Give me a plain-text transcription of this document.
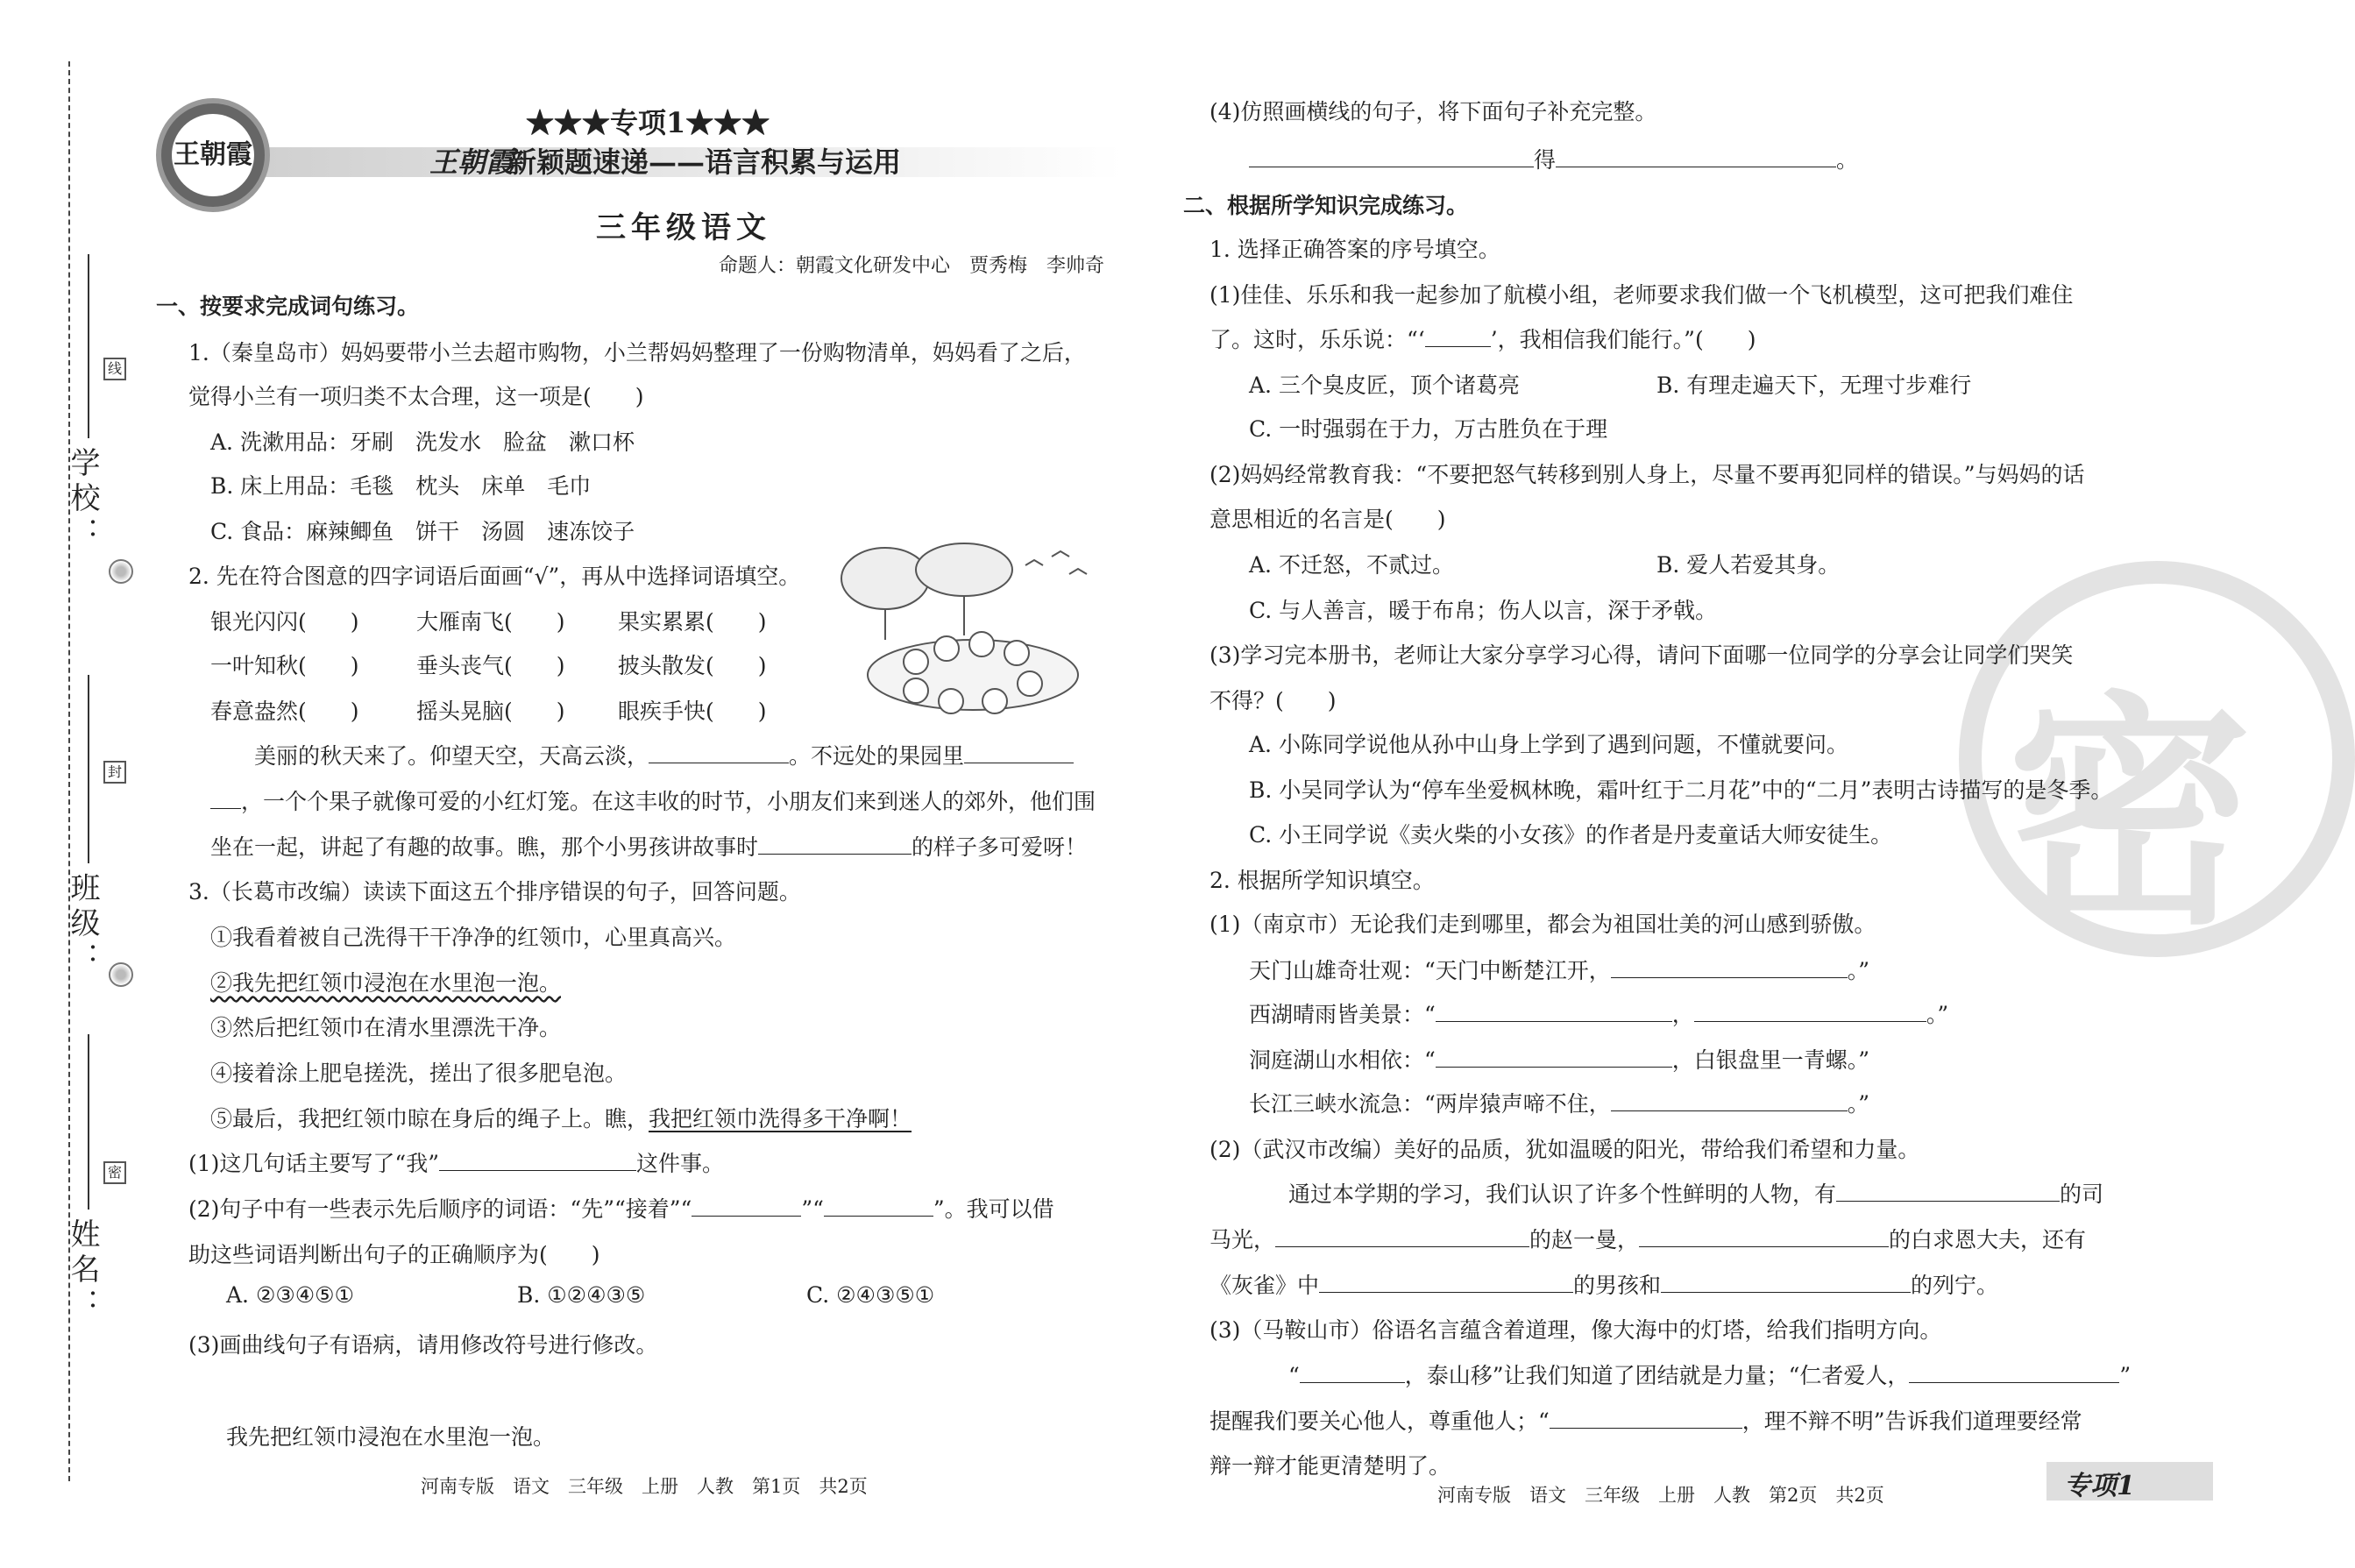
学校：
班级：
姓名：
线
封
密
王朝霞
★★★专项1★★★
王朝霞
新颖题速递——语言积累与运用
三年级语文
命题人：朝霞文化研发中心　贾秀梅　李帅奇
一、按要求完成词句练习。
1.（秦皇岛市）妈妈要带小兰去超市购物，小兰帮妈妈整理了一份购物清单，妈妈看了之后，
觉得小兰有一项归类不太合理，这一项是(　　)
A. 洗漱用品：牙刷　洗发水　脸盆　漱口杯
B. 床上用品：毛毯　枕头　床单　毛巾
C. 食品：麻辣鲫鱼　饼干　汤圆　速冻饺子
2. 先在符合图意的四字词语后面画“√”，再从中选择词语填空。
银光闪闪(　　)	大雁南飞(　　) 果实累累(　　)
一叶知秋(　　)	垂头丧气(　　) 披头散发(　　)
春意盎然(　　)	摇头晃脑(　　) 眼疾手快(　　)
美丽的秋天来了。仰望天空，天高云淡，	。不远处的果园里
，一个个果子就像可爱的小红灯笼。在这丰收的时节，小朋友们来到迷人的郊外，他们围
坐在一起，讲起了有趣的故事。瞧，那个小男孩讲故事时	的样子多可爱呀！
3.（长葛市改编）读读下面这五个排序错误的句子，回答问题。
①我看着被自己洗得干干净净的红领巾，心里真高兴。
②我先把红领巾浸泡在水里泡一泡。
③然后把红领巾在清水里漂洗干净。
④接着涂上肥皂搓洗，搓出了很多肥皂泡。
⑤最后，我把红领巾晾在身后的绳子上。瞧，我把红领巾洗得多干净啊！
(1)这几句话主要写了“我”	这件事。
(2)句子中有一些表示先后顺序的词语：“先”“接着”“	”“	”。我可以借
助这些词语判断出句子的正确顺序为(　　)
A. ②③④⑤①	B. ①②④③⑤	C. ②④③⑤①
(3)画曲线句子有语病，请用修改符号进行修改。
我先把红领巾浸泡在水里泡一泡。
河南专版　语文　三年级　上册　人教　第1页　共2页
密
(4)仿照画横线的句子，将下面句子补充完整。
得	。
二、根据所学知识完成练习。
1. 选择正确答案的序号填空。
(1)佳佳、乐乐和我一起参加了航模小组，老师要求我们做一个飞机模型，这可把我们难住
了。这时，乐乐说：“‘	’，我相信我们能行。”(　　)
A. 三个臭皮匠，顶个诸葛亮	B. 有理走遍天下，无理寸步难行
C. 一时强弱在于力，万古胜负在于理
(2)妈妈经常教育我：“不要把怒气转移到别人身上，尽量不要再犯同样的错误。”与妈妈的话
意思相近的名言是(　　)
A. 不迁怒，不贰过。	B. 爱人若爱其身。
C. 与人善言，暖于布帛；伤人以言，深于矛戟。
(3)学习完本册书，老师让大家分享学习心得，请问下面哪一位同学的分享会让同学们哭笑
不得？(　　)
A. 小陈同学说他从孙中山身上学到了遇到问题，不懂就要问。
B. 小吴同学认为“停车坐爱枫林晚，霜叶红于二月花”中的“二月”表明古诗描写的是冬季。
C. 小王同学说《卖火柴的小女孩》的作者是丹麦童话大师安徒生。
2. 根据所学知识填空。
(1)（南京市）无论我们走到哪里，都会为祖国壮美的河山感到骄傲。
天门山雄奇壮观：“天门中断楚江开，	。”
西湖晴雨皆美景：“	，	。”
洞庭湖山水相依：“	，白银盘里一青螺。”
长江三峡水流急：“两岸猿声啼不住，	。”
(2)（武汉市改编）美好的品质，犹如温暖的阳光，带给我们希望和力量。
通过本学期的学习，我们认识了许多个性鲜明的人物，有	的司
马光，	的赵一曼，	的白求恩大夫，还有
《灰雀》中	的男孩和	的列宁。
(3)（马鞍山市）俗语名言蕴含着道理，像大海中的灯塔，给我们指明方向。
“	，泰山移”让我们知道了团结就是力量；“仁者爱人，	”
提醒我们要关心他人，尊重他人；“	，理不辩不明”告诉我们道理要经常
辩一辩才能更清楚明了。
河南专版　语文　三年级　上册　人教　第2页　共2页	专项1
